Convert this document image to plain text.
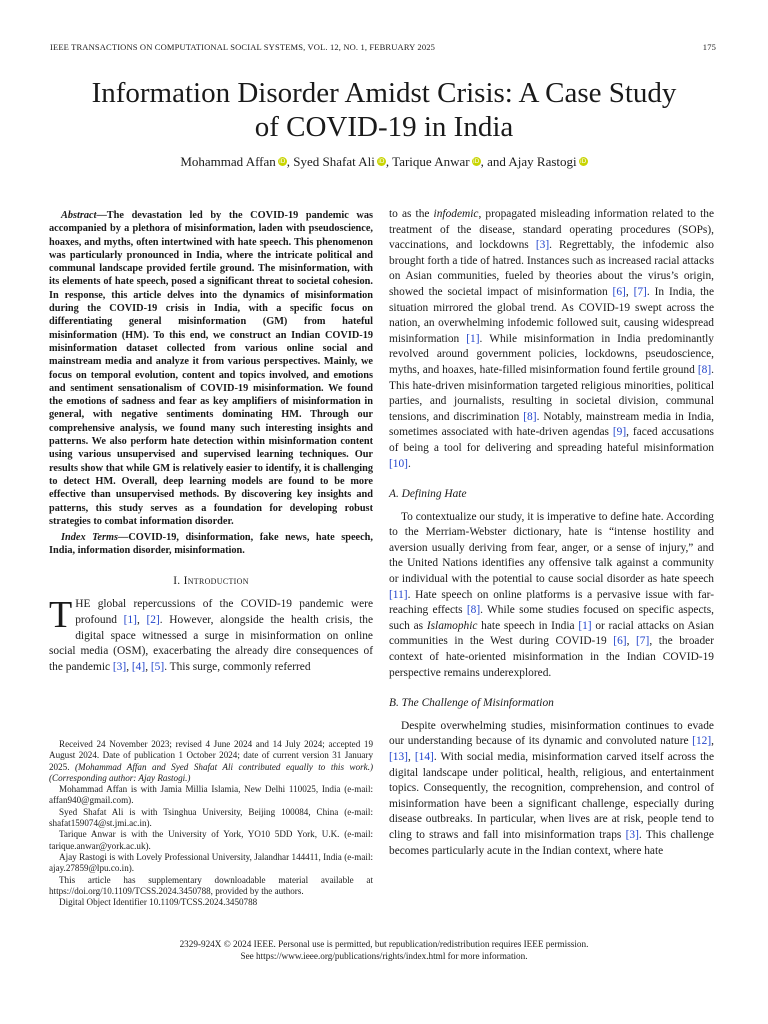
IEEE TRANSACTIONS ON COMPUTATIONAL SOCIAL SYSTEMS, VOL. 12, NO. 1, FEBRUARY 2025	175
Information Disorder Amidst Crisis: A Case Study
of COVID-19 in India
Mohammad Affan iD, Syed Shafat Ali iD, Tarique Anwar iD, and Ajay Rastogi iD

Abstract—The devastation led by the COVID-19 pandemic was accompanied by a plethora of misinformation, laden with pseudoscience, hoaxes, and myths, often intertwined with hate speech. This phenomenon was particularly pronounced in India, where the intricate political and communal landscape provided fertile ground. The misinformation, with its elements of hate speech, posed a significant threat to societal cohesion. In response, this article delves into the dynamics of misinformation during the COVID-19 crisis in India, with a specific focus on differentiating general misinformation (GM) from hateful misinformation (HM). To this end, we construct an Indian COVID-19 misinformation dataset collected from various online social and mainstream media and analyze it from various perspectives. Mainly, we focus on temporal evolution, content and topics involved, and emotions and sentiment sensationalism of COVID-19 misinformation. We found the emotions of sadness and fear as key amplifiers of misinformation in general, with negative sentiments dominating HM. Through our comprehensive analysis, we found many such interesting insights and patterns. We also perform hate detection within misinformation content using various unsupervised and supervised learning techniques. Our results show that while GM is relatively easier to identify, it is challenging to detect HM. Overall, deep learning models are found to be more effective than unsupervised methods. By discovering key insights and patterns, this study serves as a foundation for developing robust strategies to combat information disorder.

Index Terms—COVID-19, disinformation, fake news, hate speech, India, information disorder, misinformation.

I. Introduction

THE global repercussions of the COVID-19 pandemic were profound [1], [2]. However, alongside the health crisis, the digital space witnessed a surge in misinformation on online social media (OSM), exacerbating the already dire consequences of the pandemic [3], [4], [5]. This surge, commonly referred

Received 24 November 2023; revised 4 June 2024 and 14 July 2024; accepted 19 August 2024. Date of publication 1 October 2024; date of current version 31 January 2025. (Mohammad Affan and Syed Shafat Ali contributed equally to this work.) (Corresponding author: Ajay Rastogi.)

Mohammad Affan is with Jamia Millia Islamia, New Delhi 110025, India (e-mail: affan940@gmail.com).

Syed Shafat Ali is with Tsinghua University, Beijing 100084, China (e-mail: shafat159074@st.jmi.ac.in).

Tarique Anwar is with the University of York, YO10 5DD York, U.K. (e-mail: tarique.anwar@york.ac.uk).

Ajay Rastogi is with Lovely Professional University, Jalandhar 144411, India (e-mail: ajay.27859@lpu.co.in).

This article has supplementary downloadable material available at https://doi.org/10.1109/TCSS.2024.3450788, provided by the authors.

Digital Object Identifier 10.1109/TCSS.2024.3450788

to as the infodemic, propagated misleading information related to the treatment of the disease, standard operating procedures (SOPs), vaccinations, and lockdowns [3]. Regrettably, the infodemic also brought forth a tide of hatred. Instances such as increased racial attacks on Asian communities, fueled by theories about the virus’s origin, showed the societal impact of misinformation [6], [7]. In India, the situation mirrored the global trend. As COVID-19 swept across the nation, an overwhelming infodemic followed suit, causing widespread misinformation [1]. While misinformation in India predominantly revolved around government policies, lockdowns, pseudoscience, myths, and hoaxes, hate-filled misinformation found fertile ground [8]. This hate-driven misinformation targeted religious minorities, political parties, and journalists, resulting in societal division, communal tensions, and discrimination [8]. Notably, mainstream media in India, sometimes associated with hate-driven agendas [9], faced accusations of being a tool for delivering and spreading hateful misinformation [10].

A. Defining Hate

To contextualize our study, it is imperative to define hate. According to the Merriam-Webster dictionary, hate is “intense hostility and aversion usually deriving from fear, anger, or a sense of injury,” and the United Nations identifies any offensive talk against a community or individual with the potential to cause social disorder as hate speech [11]. Hate speech on online platforms is a pervasive issue with far-reaching effects [8]. While some studies focused on specific aspects, such as Islamophic hate speech in India [1] or racial attacks on Asian communities in the West during COVID-19 [6], [7], the broader context of hate-oriented misinformation in the Indian COVID-19 perspective remains underexplored.

B. The Challenge of Misinformation

Despite overwhelming studies, misinformation continues to evade our understanding because of its dynamic and convoluted nature [12], [13], [14]. With social media, misinformation carved itself across the digital landscape under political, health, religious, and entertainment topics. Consequently, the recognition, comprehension, and control of misinformation have been a significant challenge, especially during disease outbreaks. In particular, when lives are at risk, people tend to cling to straws and fall into misinformation traps [3]. This challenge becomes particularly acute in the Indian context, where hate

2329-924X © 2024 IEEE. Personal use is permitted, but republication/redistribution requires IEEE permission.
See https://www.ieee.org/publications/rights/index.html for more information.
